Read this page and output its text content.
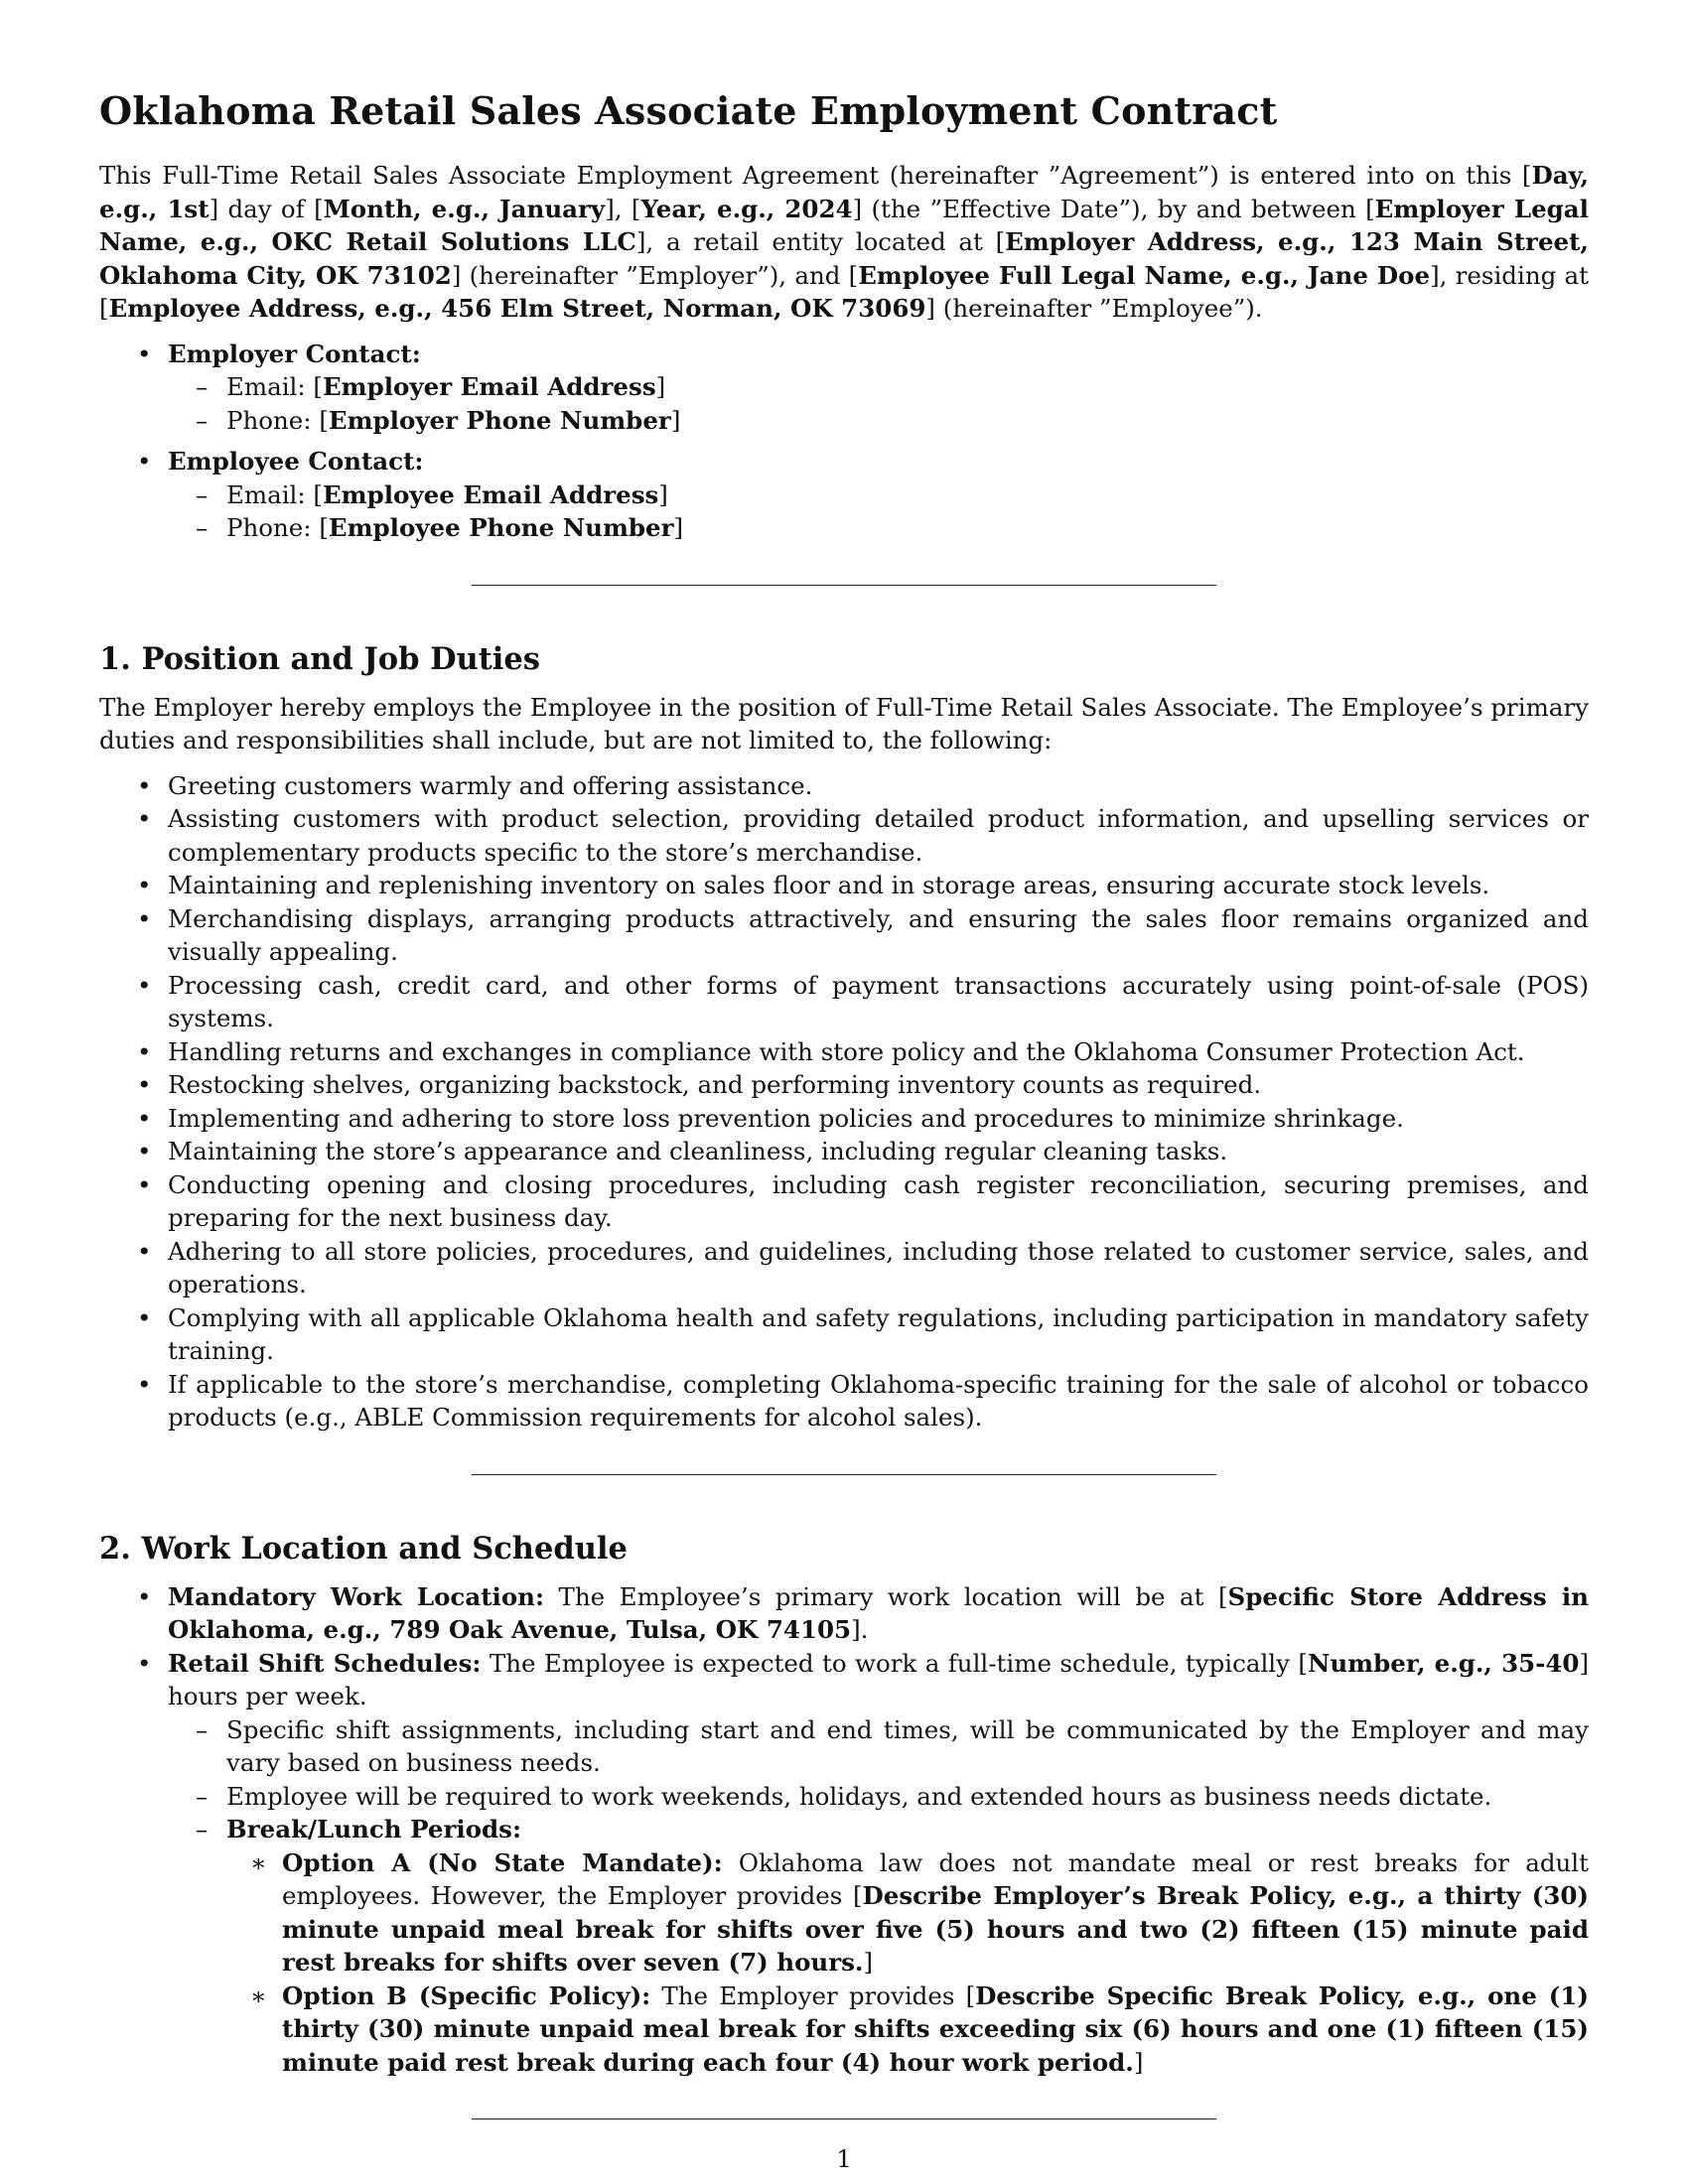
Oklahoma Retail Sales Associate Employment Contract

This Full-Time Retail Sales Associate Employment Agreement (hereinafter ”Agreement”) is entered into on this [Day, e.g., 1st] day of [Month, e.g., January], [Year, e.g., 2024] (the ”Effective Date”), by and between [Employer Legal Name, e.g., OKC Retail Solutions LLC], a retail entity located at [Employer Address, e.g., 123 Main Street, Oklahoma City, OK 73102] (hereinafter ”Employer”), and [Employee Full Legal Name, e.g., Jane Doe], residing at [Employee Address, e.g., 456 Elm Street, Norman, OK 73069] (hereinafter ”Employee”).

• Employer Contact:
– Email: [Employer Email Address]
– Phone: [Employer Phone Number]
• Employee Contact:
– Email: [Employee Email Address]
– Phone: [Employee Phone Number]
1. Position and Job Duties

The Employer hereby employs the Employee in the position of Full-Time Retail Sales Associate. The Employee’s primary duties and responsibilities shall include, but are not limited to, the following:

• Greeting customers warmly and offering assistance.
• Assisting customers with product selection, providing detailed product information, and upselling services or complementary products specific to the store’s merchandise.
• Maintaining and replenishing inventory on sales floor and in storage areas, ensuring accurate stock levels.
• Merchandising displays, arranging products attractively, and ensuring the sales floor remains organized and visually appealing.
• Processing cash, credit card, and other forms of payment transactions accurately using point-of-sale (POS) systems.
• Handling returns and exchanges in compliance with store policy and the Oklahoma Consumer Protection Act.
• Restocking shelves, organizing backstock, and performing inventory counts as required.
• Implementing and adhering to store loss prevention policies and procedures to minimize shrinkage.
• Maintaining the store’s appearance and cleanliness, including regular cleaning tasks.
• Conducting opening and closing procedures, including cash register reconciliation, securing premises, and preparing for the next business day.
• Adhering to all store policies, procedures, and guidelines, including those related to customer service, sales, and operations.
• Complying with all applicable Oklahoma health and safety regulations, including participation in mandatory safety training.
• If applicable to the store’s merchandise, completing Oklahoma-specific training for the sale of alcohol or tobacco products (e.g., ABLE Commission requirements for alcohol sales).
2. Work Location and Schedule
• Mandatory Work Location: The Employee’s primary work location will be at [Specific Store Address in Oklahoma, e.g., 789 Oak Avenue, Tulsa, OK 74105].
• Retail Shift Schedules: The Employee is expected to work a full-time schedule, typically [Number, e.g., 35-40] hours per week.
– Specific shift assignments, including start and end times, will be communicated by the Employer and may vary based on business needs.
– Employee will be required to work weekends, holidays, and extended hours as business needs dictate.
– Break/Lunch Periods:
∗ Option A (No State Mandate): Oklahoma law does not mandate meal or rest breaks for adult employees. However, the Employer provides [Describe Employer’s Break Policy, e.g., a thirty (30) minute unpaid meal break for shifts over five (5) hours and two (2) fifteen (15) minute paid rest breaks for shifts over seven (7) hours.]
∗ Option B (Specific Policy): The Employer provides [Describe Specific Break Policy, e.g., one (1) thirty (30) minute unpaid meal break for shifts exceeding six (6) hours and one (1) fifteen (15) minute paid rest break during each four (4) hour work period.]
1
